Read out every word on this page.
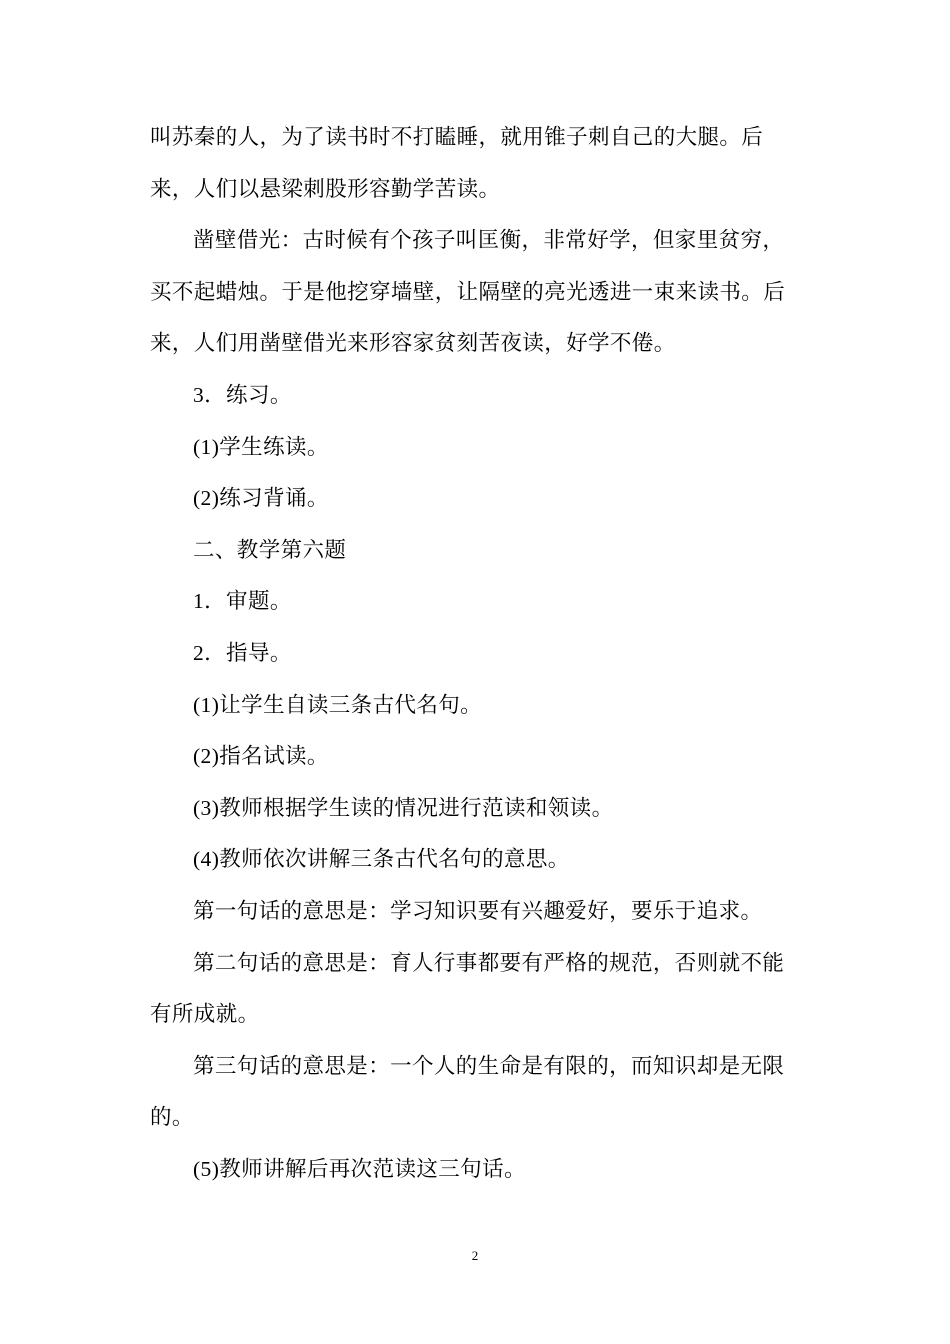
叫苏秦的人，为了读书时不打瞌睡，就用锥子刺自己的大腿。后
来，人们以悬梁刺股形容勤学苦读。
凿壁借光：古时候有个孩子叫匡衡，非常好学，但家里贫穷，
买不起蜡烛。于是他挖穿墙壁，让隔壁的亮光透进一束来读书。后
来，人们用凿壁借光来形容家贫刻苦夜读，好学不倦。
3．练习。
(1)学生练读。
(2)练习背诵。
二、教学第六题
1．审题。
2．指导。
(1)让学生自读三条古代名句。
(2)指名试读。
(3)教师根据学生读的情况进行范读和领读。
(4)教师依次讲解三条古代名句的意思。
第一句话的意思是：学习知识要有兴趣爱好，要乐于追求。
第二句话的意思是：育人行事都要有严格的规范，否则就不能
有所成就。
第三句话的意思是：一个人的生命是有限的，而知识却是无限
的。
(5)教师讲解后再次范读这三句话。
2
